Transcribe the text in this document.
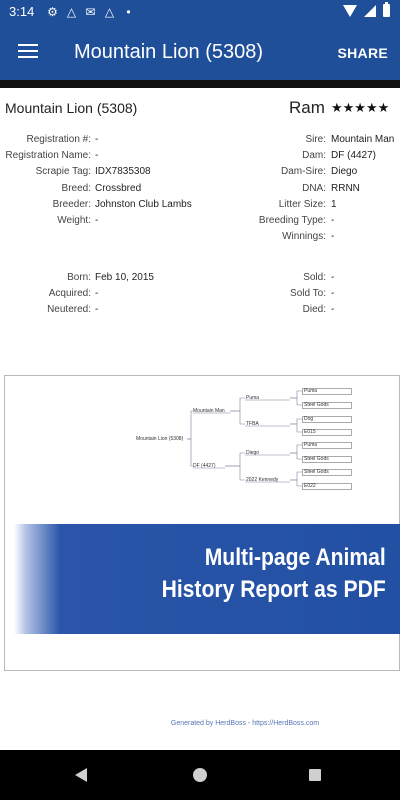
3:14 ⚙ △ ✉ △	•
Mountain Lion (5308)	SHARE
Mountain Lion (5308)	Ram ★★★★★
Registration #: -
Registration Name: -
Scrapie Tag: IDX7835308
Breed: Crossbred
Breeder: Johnston Club Lambs
Weight: -
Sire: Mountain Man
Dam: DF (4427)
Dam-Sire: Diego
DNA: RRNN
Litter Size: 1
Breeding Type: -
Winnings: -
Born: Feb 10, 2015
Acquired: -
Neutered: -
Sold: -
Sold To: -
Died: -
Mountain Lion (5308)
Mountain Man
DF (4427)
Puma
TFBA
Diego
2022 Kennedy
Puma
Steel Gods
Dog
E015
Puma
Steel Gods
Steel Gods
E022
Multi-page Animal
History Report as PDF
Generated by HerdBoss - https://HerdBoss.com
